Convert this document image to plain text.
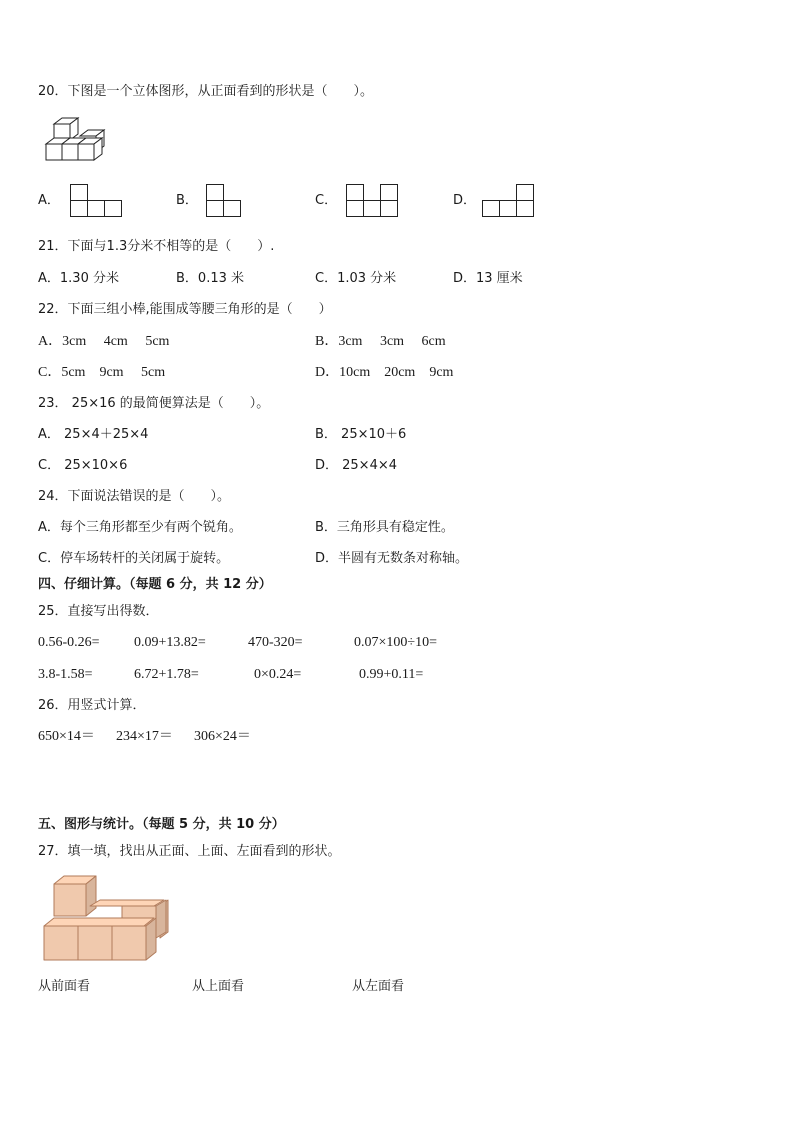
20．下图是一个立体图形，从正面看到的形状是（　　）。
A．	B．	C．	D．
21．下面与1.3分米不相等的是（　　）.
A．1.30 分米	B．0.13 米	C．1.03 分米	D．13 厘米
22．下面三组小棒,能围成等腰三角形的是（　　）
A．3cm　 4cm　 5cm	B．3cm　 3cm　 6cm
C．5cm　9cm　 5cm	D．10cm　20cm　9cm
23． 25×16 的最简便算法是（　　）。
A． 25×4＋25×4	B． 25×10＋6
C． 25×10×6	D． 25×4×4
24．下面说法错误的是（　　）。
A．每个三角形都至少有两个锐角。	B．三角形具有稳定性。
C．停车场转杆的关闭属于旋转。	D．半圆有无数条对称轴。
四、仔细计算。（每题 6 分，共 12 分）
25．直接写出得数．
0.56-0.26= 0.09+13.82=	470-320=	0.07×100÷10=
3.8-1.58=	6.72+1.78=	0×0.24=	0.99+0.11=
26．用竖式计算．
650×14＝ 234×17＝ 306×24＝
五、图形与统计。（每题 5 分，共 10 分）
27．填一填，找出从正面、上面、左面看到的形状。
从前面看	从上面看	从左面看
